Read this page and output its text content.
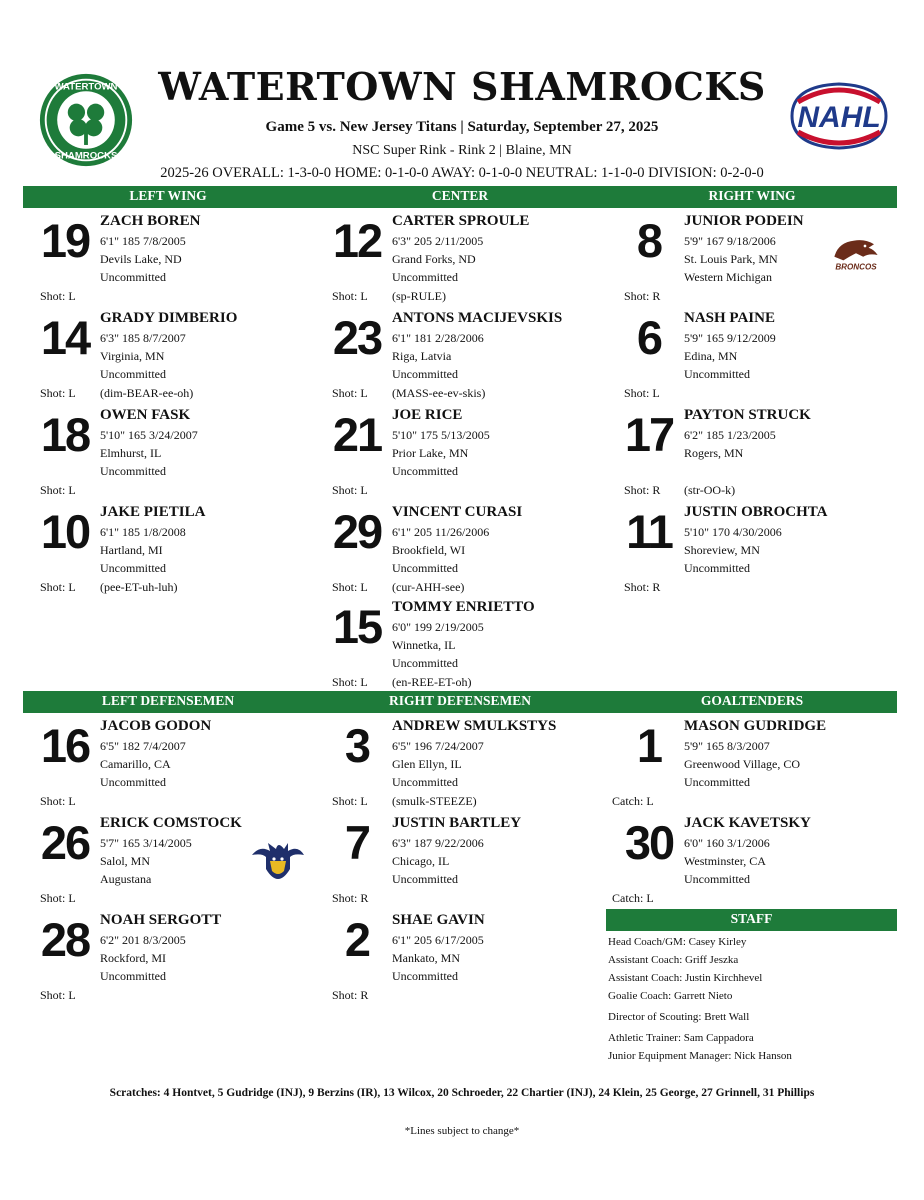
WATERTOWN
SHAMROCKS
WATERTOWN SHAMROCKS
Game 5 vs. New Jersey Titans | Saturday, September 27, 2025
NSC Super Rink - Rink 2 | Blaine, MN
2025-26 OVERALL: 1-3-0-0 HOME: 0-1-0-0 AWAY: 0-1-0-0 NEUTRAL: 1-1-0-0 DIVISION: 0-2-0-0
NAHL
LEFT WING	CENTER	RIGHT WING
19 ZACH BOREN
6'1" 185 7/8/2005
Devils Lake, ND
Uncommitted
Shot: L
14 GRADY DIMBERIO
6'3" 185 8/7/2007
Virginia, MN
Uncommitted
Shot: L (dim-BEAR-ee-oh)
18 OWEN FASK
5'10" 165 3/24/2007
Elmhurst, IL
Uncommitted
Shot: L
10 JAKE PIETILA
6'1" 185 1/8/2008
Hartland, MI
Uncommitted
Shot: L (pee-ET-uh-luh)
12 CARTER SPROULE
6'3" 205 2/11/2005
Grand Forks, ND
Uncommitted
Shot: L (sp-RULE)
23 ANTONS MACIJEVSKIS
6'1" 181 2/28/2006
Riga, Latvia
Uncommitted
Shot: L (MASS-ee-ev-skis)
21 JOE RICE
5'10" 175 5/13/2005
Prior Lake, MN
Uncommitted
Shot: L
29 VINCENT CURASI
6'1" 205 11/26/2006
Brookfield, WI
Uncommitted
Shot: L (cur-AHH-see)
15 TOMMY ENRIETTO
6'0" 199 2/19/2005
Winnetka, IL
Uncommitted
Shot: L (en-REE-ET-oh)
8	JUNIOR PODEIN
5'9" 167 9/18/2006
St. Louis Park, MN
Western Michigan
Shot: R
BRONCOS
6	NASH PAINE
5'9" 165 9/12/2009
Edina, MN
Uncommitted
Shot: L
17 PAYTON STRUCK
6'2" 185 1/23/2005
Rogers, MN
Shot: R (str-OO-k)
11 JUSTIN OBROCHTA
5'10" 170 4/30/2006
Shoreview, MN
Uncommitted
Shot: R
LEFT DEFENSEMEN	RIGHT DEFENSEMEN	GOALTENDERS
16 JACOB GODON
6'5" 182 7/4/2007
Camarillo, CA
Uncommitted
Shot: L
26 ERICK COMSTOCK
5'7" 165 3/14/2005
Salol, MN
Augustana
Shot: L
28 NOAH SERGOTT
6'2" 201 8/3/2005
Rockford, MI
Uncommitted
Shot: L
3	ANDREW SMULKSTYS
6'5" 196 7/24/2007
Glen Ellyn, IL
Uncommitted
Shot: L (smulk-STEEZE)
7	JUSTIN BARTLEY
6'3" 187 9/22/2006
Chicago, IL
Uncommitted
Shot: R
2	SHAE GAVIN
6'1" 205 6/17/2005
Mankato, MN
Uncommitted
Shot: R
1	MASON GUDRIDGE
5'9" 165 8/3/2007
Greenwood Village, CO
Uncommitted
Catch: L
30 JACK KAVETSKY
6'0" 160 3/1/2006
Westminster, CA
Uncommitted
Catch: L
STAFF
Head Coach/GM: Casey Kirley
Assistant Coach: Griff Jeszka
Assistant Coach: Justin Kirchhevel
Goalie Coach: Garrett Nieto
Director of Scouting: Brett Wall
Athletic Trainer: Sam Cappadora
Junior Equipment Manager: Nick Hanson
Scratches: 4 Hontvet, 5 Gudridge (INJ), 9 Berzins (IR), 13 Wilcox, 20 Schroeder, 22 Chartier (INJ), 24 Klein, 25 George, 27 Grinnell, 31 Phillips
*Lines subject to change*
